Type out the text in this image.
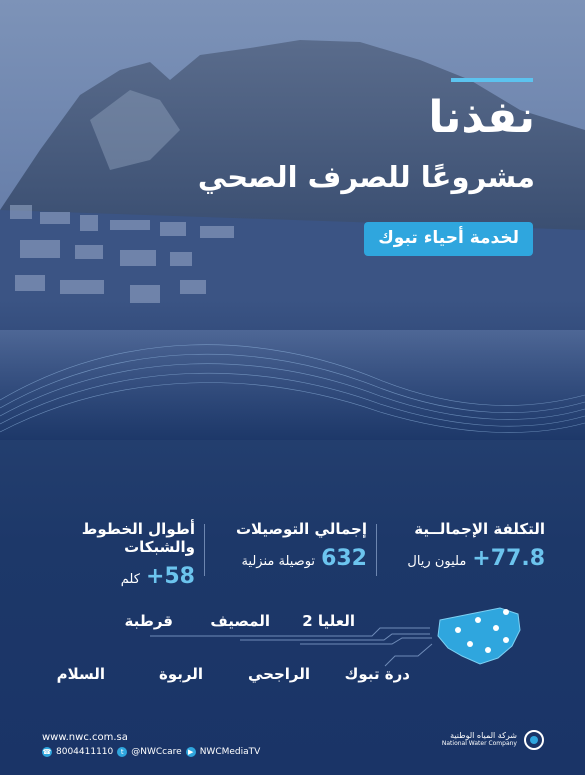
نفذنا
مشروعًا للصرف الصحي
لخدمة أحياء تبوك
التكلفة الإجمالــية
+77.8
مليون ريال
إجمالي التوصيلات
632
توصيلة منزلية
أطوال الخطوط والشبكات
+58
كلم
العليا 2
المصيف
قرطبة
درة تبوك
الراجحي
الربوة
السلام
www.nwc.com.sa
☎ 8004411110	t @NWCcare ▶ NWCMediaTV
شركة المياه الوطنية
National Water Company
